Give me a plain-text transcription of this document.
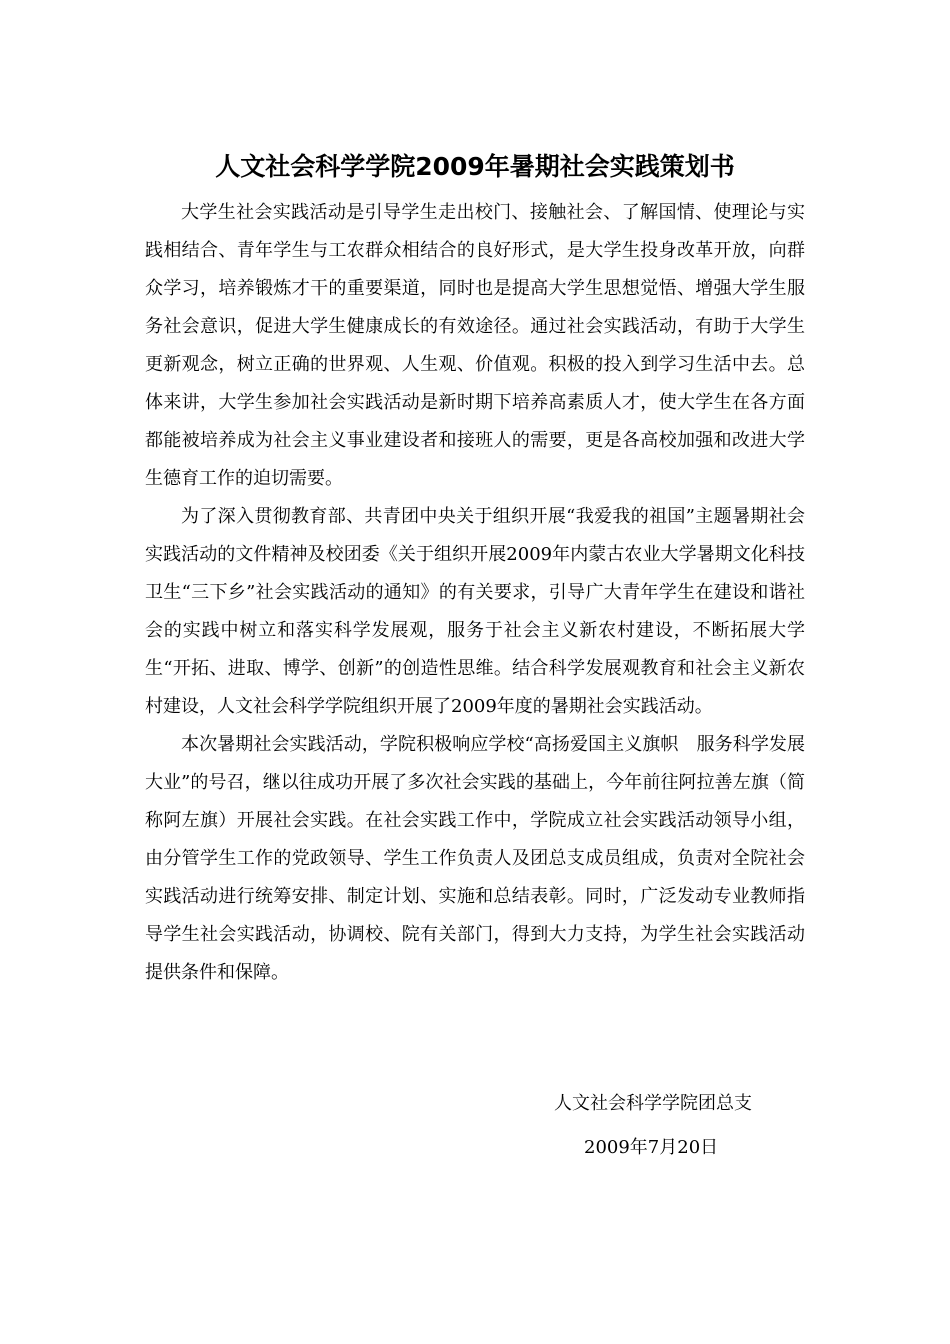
人文社会科学学院2009年暑期社会实践策划书

大学生社会实践活动是引导学生走出校门、接触社会、了解国情、使理论与实践相结合、青年学生与工农群众相结合的良好形式，是大学生投身改革开放，向群众学习，培养锻炼才干的重要渠道，同时也是提高大学生思想觉悟、增强大学生服务社会意识，促进大学生健康成长的有效途径。通过社会实践活动，有助于大学生更新观念，树立正确的世界观、人生观、价值观。积极的投入到学习生活中去。总体来讲，大学生参加社会实践活动是新时期下培养高素质人才，使大学生在各方面都能被培养成为社会主义事业建设者和接班人的需要，更是各高校加强和改进大学生德育工作的迫切需要。

为了深入贯彻教育部、共青团中央关于组织开展“我爱我的祖国”主题暑期社会实践活动的文件精神及校团委《关于组织开展2009年内蒙古农业大学暑期文化科技卫生“三下乡”社会实践活动的通知》的有关要求，引导广大青年学生在建设和谐社会的实践中树立和落实科学发展观，服务于社会主义新农村建设，不断拓展大学生“开拓、进取、博学、创新”的创造性思维。结合科学发展观教育和社会主义新农村建设，人文社会科学学院组织开展了2009年度的暑期社会实践活动。

本次暑期社会实践活动，学院积极响应学校“高扬爱国主义旗帜　服务科学发展大业”的号召，继以往成功开展了多次社会实践的基础上，今年前往阿拉善左旗（简称阿左旗）开展社会实践。在社会实践工作中，学院成立社会实践活动领导小组，由分管学生工作的党政领导、学生工作负责人及团总支成员组成，负责对全院社会实践活动进行统筹安排、制定计划、实施和总结表彰。同时，广泛发动专业教师指导学生社会实践活动，协调校、院有关部门，得到大力支持，为学生社会实践活动提供条件和保障。

人文社会科学学院团总支
2009年7月20日
